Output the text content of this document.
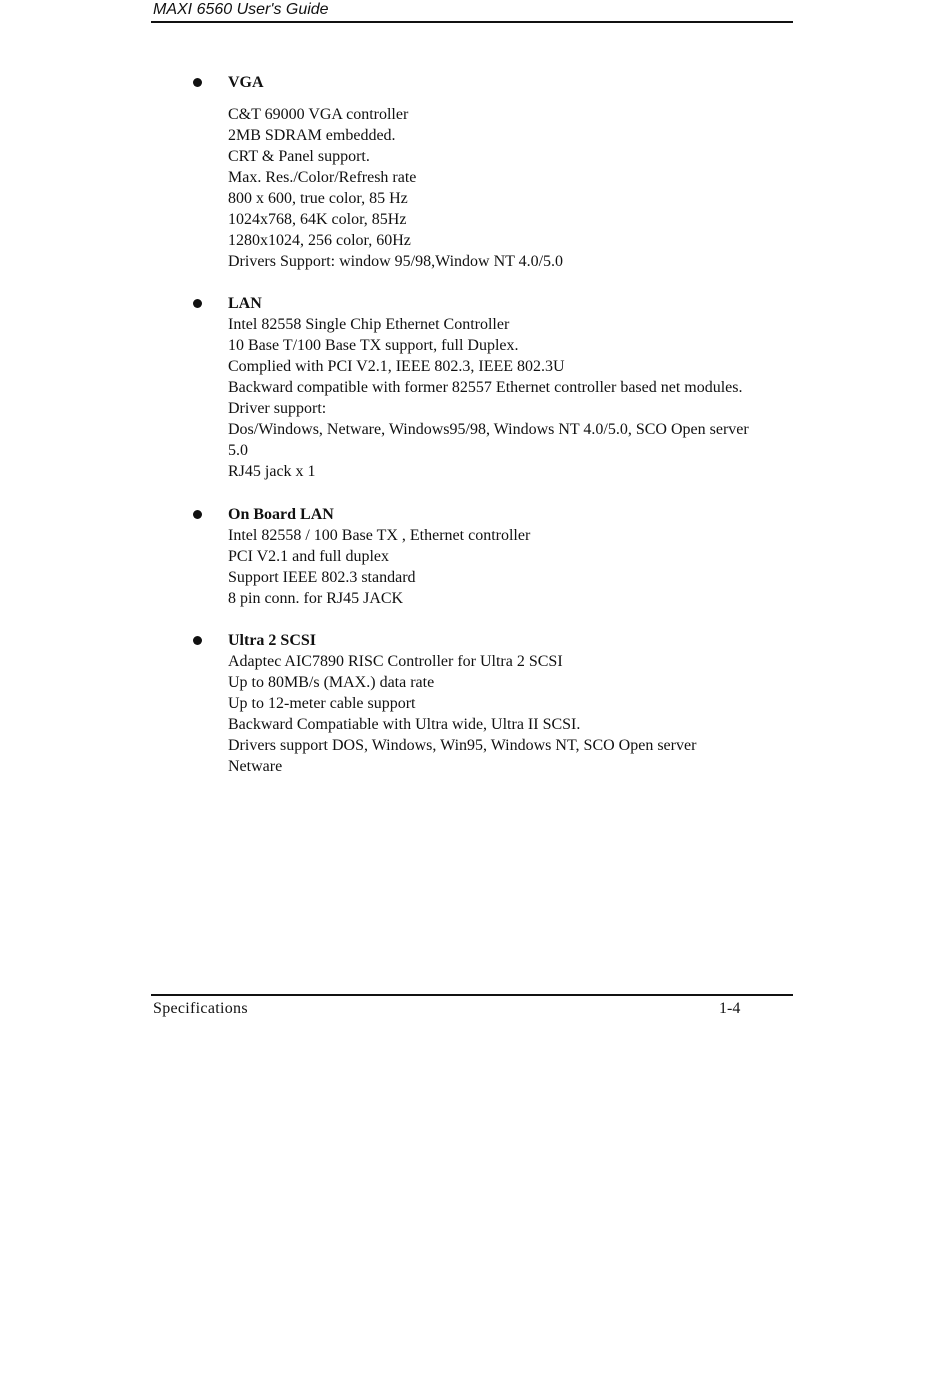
MAXI 6560 User's Guide
VGA
C&T 69000 VGA controller
2MB SDRAM embedded.
CRT & Panel support.
Max. Res./Color/Refresh rate
800 x 600, true color, 85 Hz
1024x768, 64K color, 85Hz
1280x1024, 256 color, 60Hz
Drivers Support: window 95/98,Window NT 4.0/5.0
LAN
Intel 82558 Single Chip Ethernet Controller
10 Base T/100 Base TX support, full Duplex.
Complied with PCI V2.1, IEEE 802.3, IEEE 802.3U
Backward compatible with former 82557 Ethernet controller based net modules.
Driver support:
Dos/Windows, Netware, Windows95/98, Windows NT 4.0/5.0, SCO Open server
5.0
RJ45 jack x 1
On Board LAN
Intel 82558 / 100 Base TX , Ethernet controller
PCI V2.1 and full duplex
Support IEEE 802.3 standard
8 pin conn. for RJ45 JACK
Ultra 2 SCSI
Adaptec AIC7890 RISC Controller for Ultra 2 SCSI
Up to 80MB/s (MAX.) data rate
Up to 12-meter cable support
Backward Compatiable with Ultra wide, Ultra II SCSI.
Drivers support DOS, Windows, Win95, Windows NT, SCO Open server
Netware
Specifications	1-4
